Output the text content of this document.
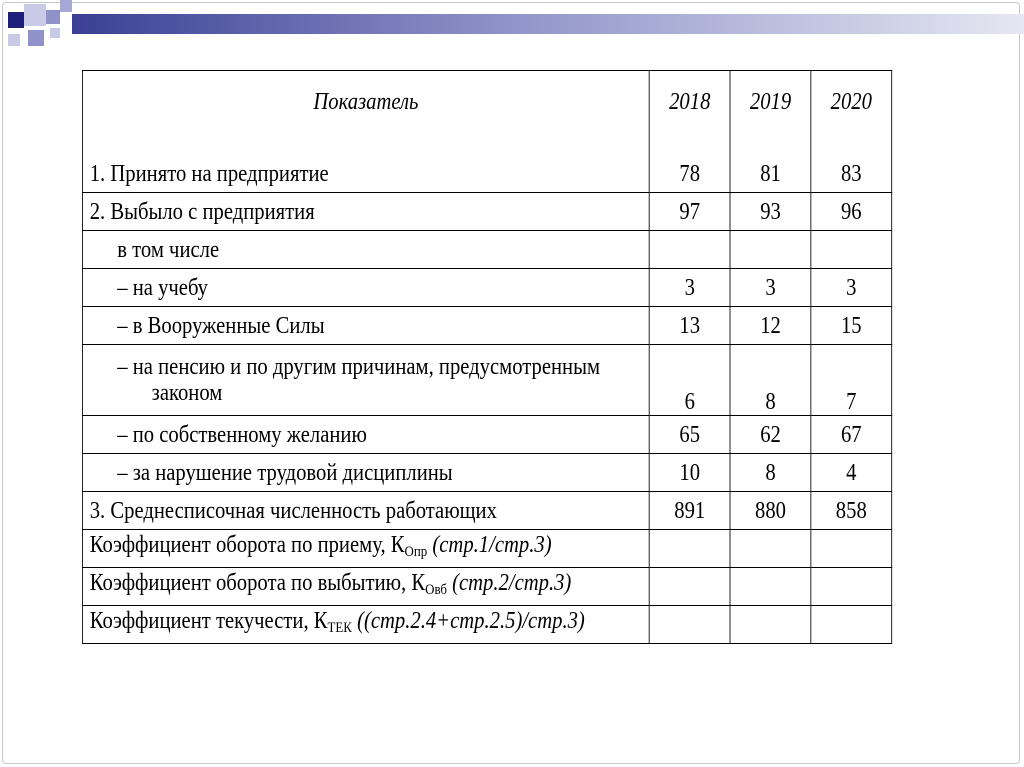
Показатель	2018	2019	2020
1. Принято на предприятие	78	81	83
2. Выбыло с предприятия	97	93	96
в том числе			
– на учебу	3	3	3
– в Вооруженные Силы	13	12	15
– на пенсию и по другим причинам, предусмотренным
законом	6	8	7
– по собственному желанию	65	62	67
– за нарушение трудовой дисциплины	10	8	4
3. Среднесписочная численность работающих	891	880	858
Коэффициент оборота по приему, $К_{Опр}$ (стр.1/стр.3)			
Коэффициент оборота по выбытию, $К_{Овб}$ (стр.2/стр.3)			
Коэффициент текучести, $К_{ТЕК}$ ((стр.2.4+стр.2.5)/стр.3)			
